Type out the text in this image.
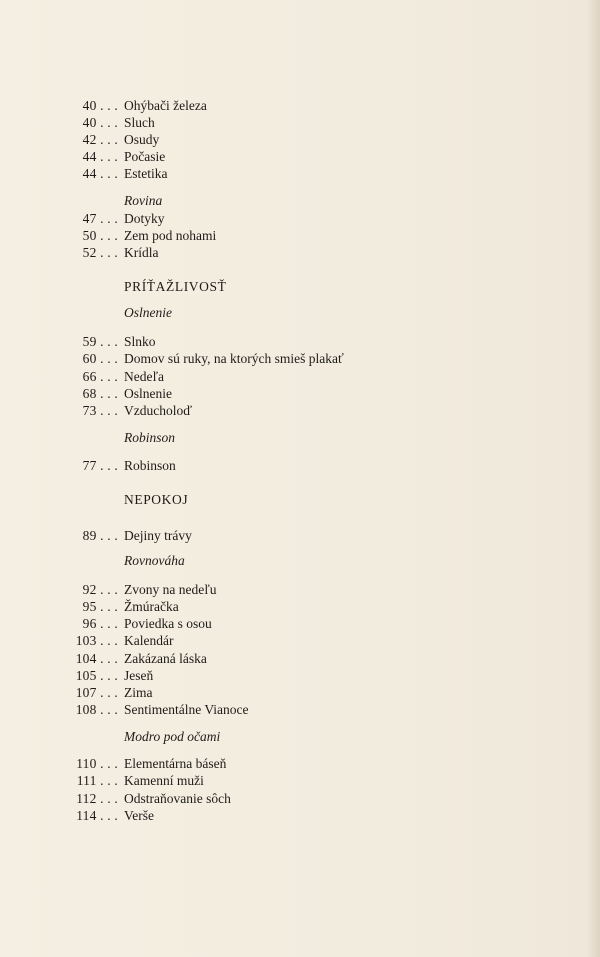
40 . . . Ohýbači železa
40 . . . Sluch
42 . . . Osudy
44 . . . Počasie
44 . . . Estetika
Rovina
47 . . . Dotyky
50 . . . Zem pod nohami
52 . . . Krídla
PRÍŤAŽLIVOSŤ
Oslnenie
59 . . . Slnko
60 . . . Domov sú ruky, na ktorých smieš plakať
66 . . . Nedeľa
68 . . . Oslnenie
73 . . . Vzducholoď
Robinson
77 . . . Robinson
NEPOKOJ
89 . . . Dejiny trávy
Rovnováha
92 . . . Zvony na nedeľu
95 . . . Žmúračka
96 . . . Poviedka s osou
103 . . . Kalendár
104 . . . Zakázaná láska
105 . . . Jeseň
107 . . . Zima
108 . . . Sentimentálne Vianoce
Modro pod očami
110 . . . Elementárna báseň
111 . . . Kamenní muži
112 . . . Odstraňovanie sôch
114 . . . Verše
